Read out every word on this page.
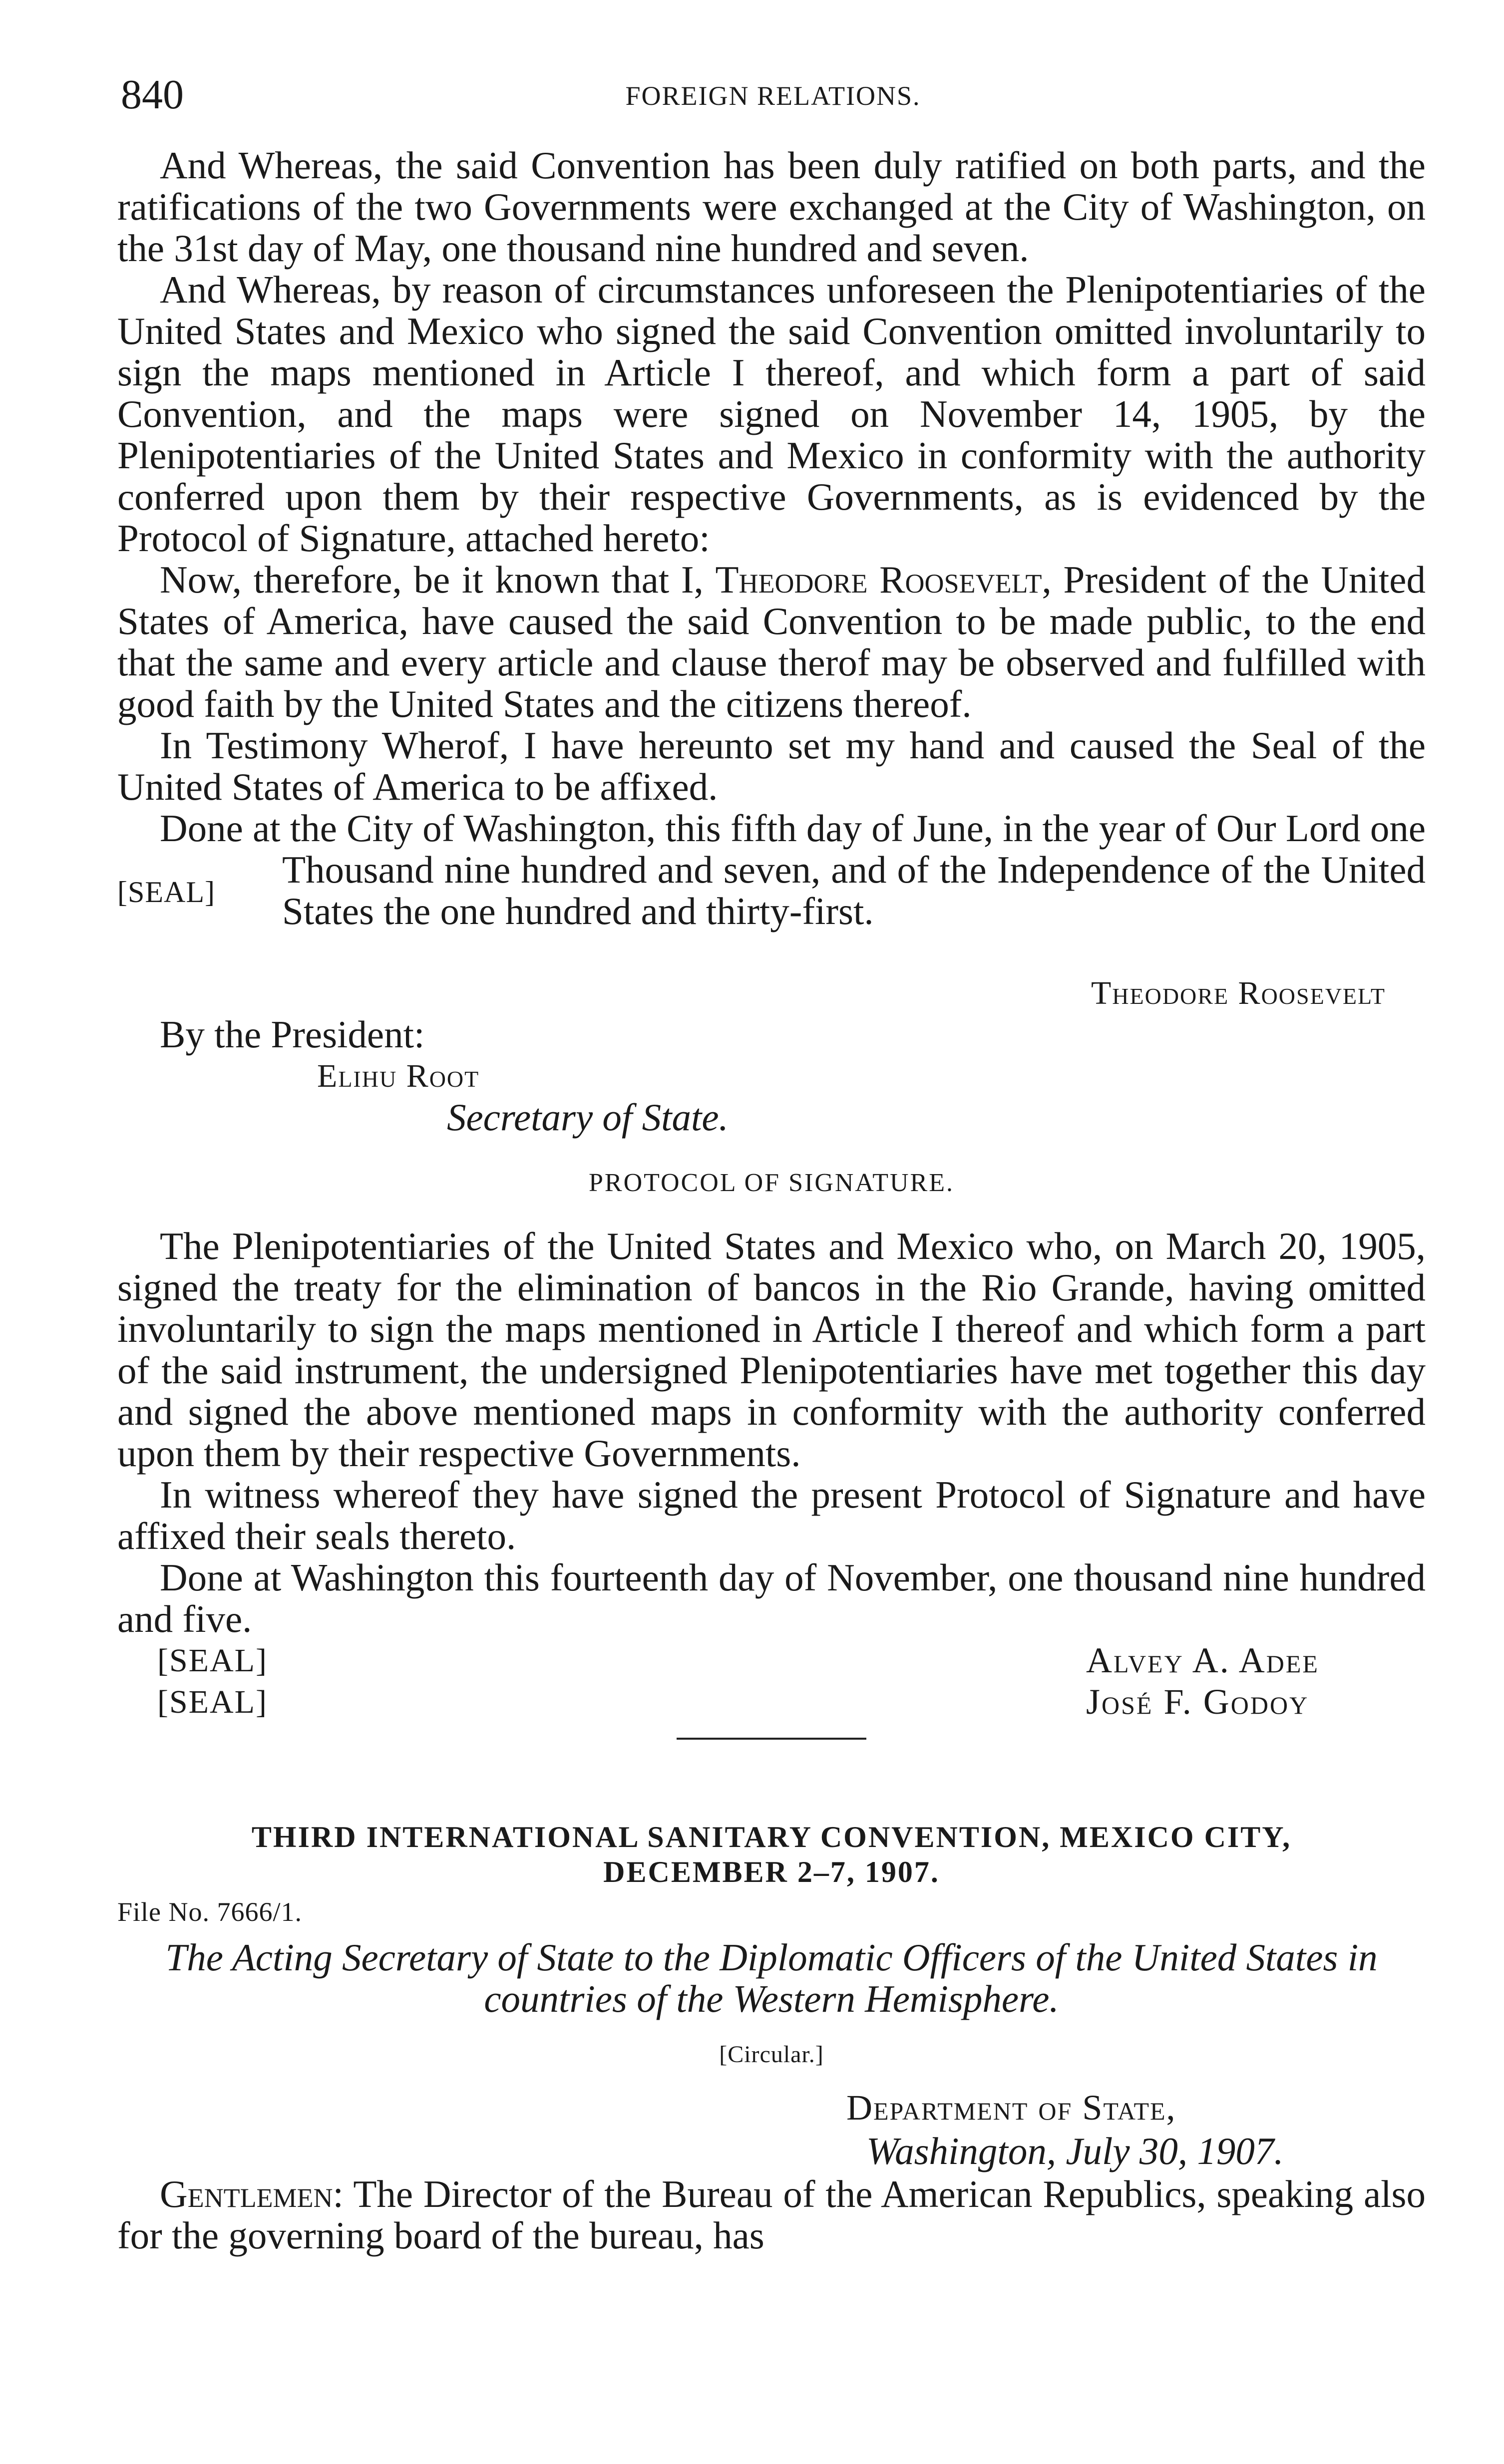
840	FOREIGN RELATIONS.

And Whereas, the said Convention has been duly ratified on both parts, and the ratifications of the two Governments were exchanged at the City of Washington, on the 31st day of May, one thousand nine hundred and seven.

And Whereas, by reason of circumstances unforeseen the Plenipotentiaries of the United States and Mexico who signed the said Convention omitted involuntarily to sign the maps mentioned in Article I thereof, and which form a part of said Convention, and the maps were signed on November 14, 1905, by the Plenipotentiaries of the United States and Mexico in conformity with the authority conferred upon them by their respective Governments, as is evidenced by the Protocol of Signature, attached hereto:

Now, therefore, be it known that I, Theodore Roosevelt, President of the United States of America, have caused the said Convention to be made public, to the end that the same and every article and clause therof may be observed and fulfilled with good faith by the United States and the citizens thereof.

In Testimony Wherof, I have hereunto set my hand and caused the Seal of the United States of America to be affixed.

[SEAL]
Done at the City of Washington, this fifth day of June, in the year of Our Lord one Thousand nine hundred and seven, and of the Independence of the United States the one hundred and thirty-first.
Theodore Roosevelt
By the President:
Elihu Root
Secretary of State.
PROTOCOL OF SIGNATURE.

The Plenipotentiaries of the United States and Mexico who, on March 20, 1905, signed the treaty for the elimination of bancos in the Rio Grande, having omitted involuntarily to sign the maps mentioned in Article I thereof and which form a part of the said instrument, the undersigned Plenipotentiaries have met together this day and signed the above mentioned maps in conformity with the authority conferred upon them by their respective Governments.

In witness whereof they have signed the present Protocol of Signature and have affixed their seals thereto.

Done at Washington this fourteenth day of November, one thousand nine hundred and five.

[SEAL]	Alvey A. Adee
[SEAL]	José F. Godoy
THIRD INTERNATIONAL SANITARY CONVENTION, MEXICO CITY,
DECEMBER 2–7, 1907.
File No. 7666/1.
The Acting Secretary of State to the Diplomatic Officers of the United States in countries of the Western Hemisphere.
[Circular.]
Department of State,
Washington, July 30, 1907.

Gentlemen: The Director of the Bureau of the American Republics, speaking also for the governing board of the bureau, has
